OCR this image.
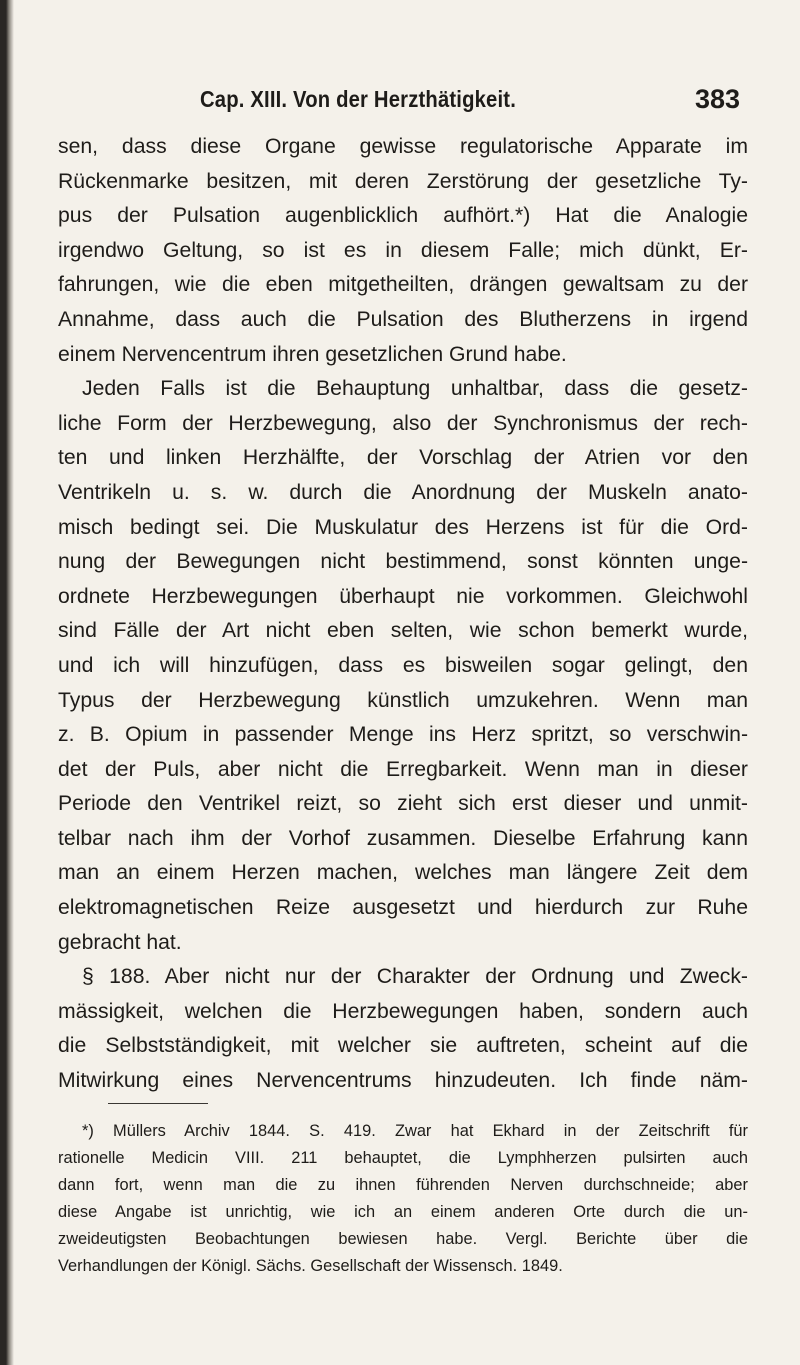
Cap. XIII. Von der Herzthätigkeit.	383
sen, dass diese Organe gewisse regulatorische Apparate im
Rückenmarke besitzen, mit deren Zerstörung der gesetzliche Ty-
pus der Pulsation augenblicklich aufhört.*) Hat die Analogie
irgendwo Geltung, so ist es in diesem Falle; mich dünkt, Er-
fahrungen, wie die eben mitgetheilten, drängen gewaltsam zu der
Annahme, dass auch die Pulsation des Blutherzens in irgend
einem Nervencentrum ihren gesetzlichen Grund habe.
Jeden Falls ist die Behauptung unhaltbar, dass die gesetz-
liche Form der Herzbewegung, also der Synchronismus der rech-
ten und linken Herzhälfte, der Vorschlag der Atrien vor den
Ventrikeln u. s. w. durch die Anordnung der Muskeln anato-
misch bedingt sei. Die Muskulatur des Herzens ist für die Ord-
nung der Bewegungen nicht bestimmend, sonst könnten unge-
ordnete Herzbewegungen überhaupt nie vorkommen. Gleichwohl
sind Fälle der Art nicht eben selten, wie schon bemerkt wurde,
und ich will hinzufügen, dass es bisweilen sogar gelingt, den
Typus der Herzbewegung künstlich umzukehren. Wenn man
z. B. Opium in passender Menge ins Herz spritzt, so verschwin-
det der Puls, aber nicht die Erregbarkeit. Wenn man in dieser
Periode den Ventrikel reizt, so zieht sich erst dieser und unmit-
telbar nach ihm der Vorhof zusammen. Dieselbe Erfahrung kann
man an einem Herzen machen, welches man längere Zeit dem
elektromagnetischen Reize ausgesetzt und hierdurch zur Ruhe
gebracht hat.
§ 188. Aber nicht nur der Charakter der Ordnung und Zweck-
mässigkeit, welchen die Herzbewegungen haben, sondern auch
die Selbstständigkeit, mit welcher sie auftreten, scheint auf die
Mitwirkung eines Nervencentrums hinzudeuten. Ich finde näm-
*) Müllers Archiv 1844. S. 419. Zwar hat Ekhard in der Zeitschrift für
rationelle Medicin VIII. 211 behauptet, die Lymphherzen pulsirten auch
dann fort, wenn man die zu ihnen führenden Nerven durchschneide; aber
diese Angabe ist unrichtig, wie ich an einem anderen Orte durch die un-
zweideutigsten Beobachtungen bewiesen habe. Vergl. Berichte über die
Verhandlungen der Königl. Sächs. Gesellschaft der Wissensch. 1849.
